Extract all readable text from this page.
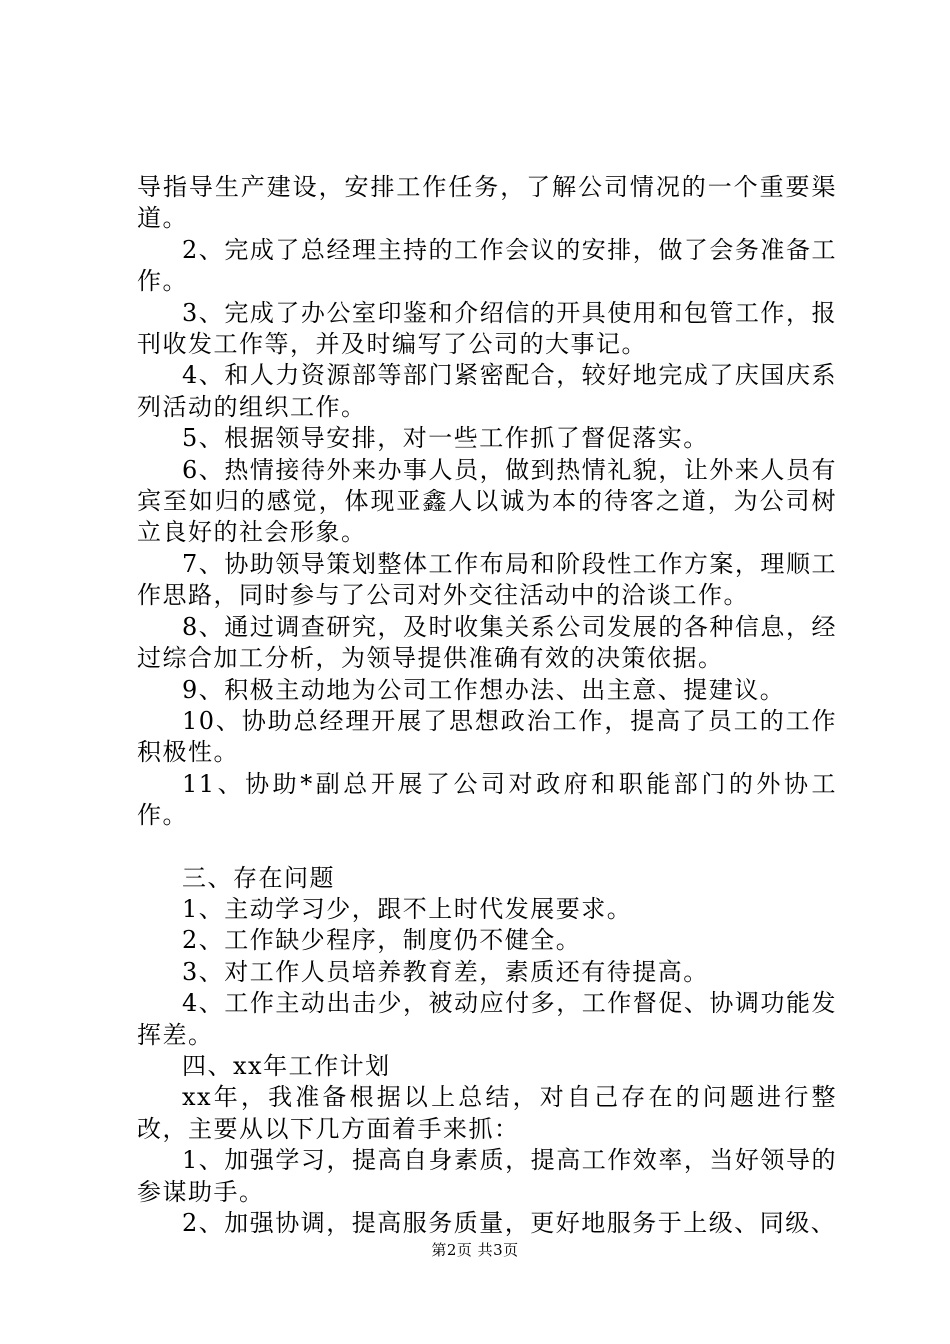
导指导生产建设，安排工作任务，了解公司情况的一个重要渠道。

2、完成了总经理主持的工作会议的安排，做了会务准备工作。

3、完成了办公室印鉴和介绍信的开具使用和包管工作，报刊收发工作等，并及时编写了公司的大事记。

4、和人力资源部等部门紧密配合，较好地完成了庆国庆系列活动的组织工作。

5、根据领导安排，对一些工作抓了督促落实。

6、热情接待外来办事人员，做到热情礼貌，让外来人员有宾至如归的感觉，体现亚鑫人以诚为本的待客之道，为公司树立良好的社会形象。

7、协助领导策划整体工作布局和阶段性工作方案，理顺工作思路，同时参与了公司对外交往活动中的洽谈工作。

8、通过调查研究，及时收集关系公司发展的各种信息，经过综合加工分析，为领导提供准确有效的决策依据。

9、积极主动地为公司工作想办法、出主意、提建议。

10、协助总经理开展了思想政治工作，提高了员工的工作积极性。

11、协助*副总开展了公司对政府和职能部门的外协工作。

三、存在问题

1、主动学习少，跟不上时代发展要求。

2、工作缺少程序，制度仍不健全。

3、对工作人员培养教育差，素质还有待提高。

4、工作主动出击少，被动应付多，工作督促、协调功能发挥差。

四、xx年工作计划

xx年，我准备根据以上总结，对自己存在的问题进行整改，主要从以下几方面着手来抓：

1、加强学习，提高自身素质，提高工作效率，当好领导的参谋助手。

2、加强协调，提高服务质量，更好地服务于上级、同级、

第2页 共3页
